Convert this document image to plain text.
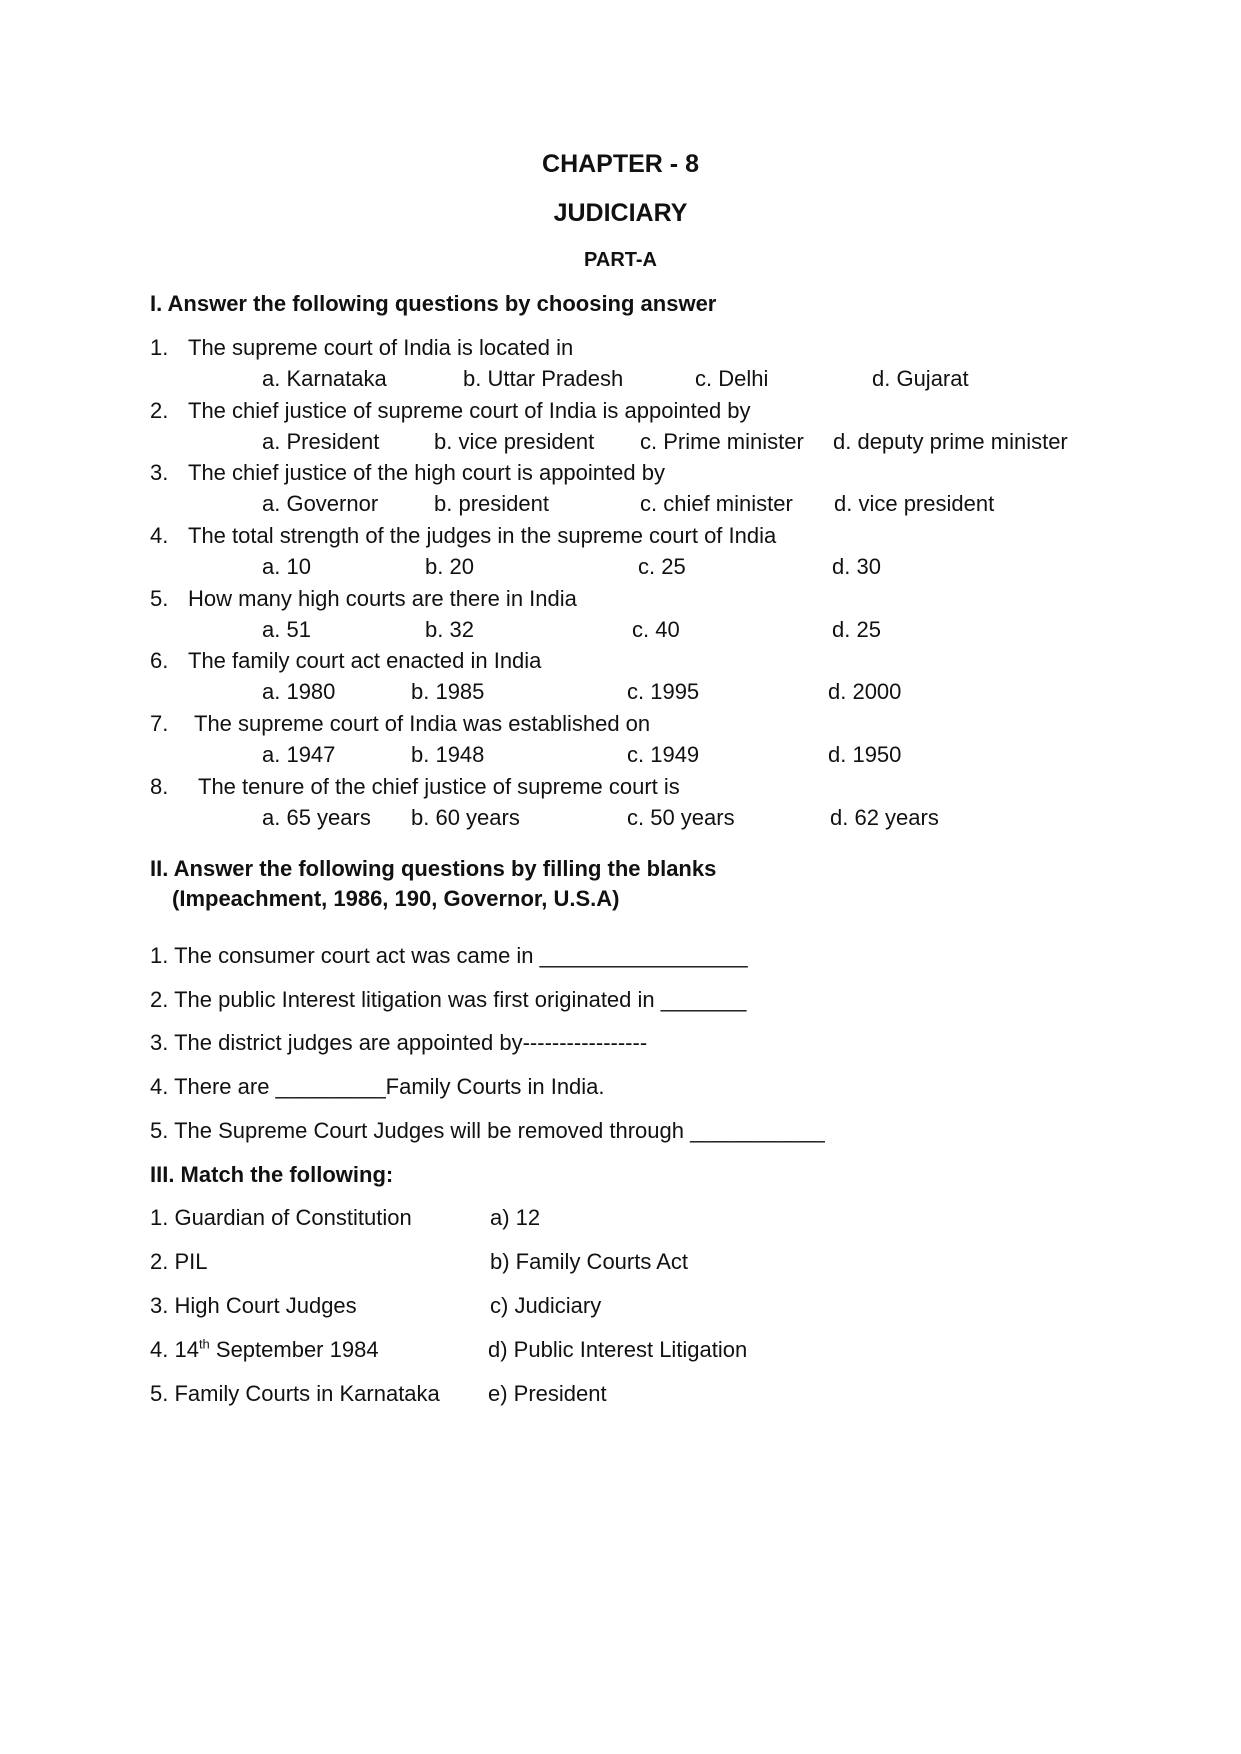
CHAPTER - 8
JUDICIARY
PART-A
I. Answer the following questions by choosing answer
1. The supreme court of India is located in
a. Karnataka	b. Uttar Pradesh	c. Delhi	d. Gujarat
2. The chief justice of supreme court of India is appointed by
a. President b. vice president c. Prime minister d. deputy prime minister
3. The chief justice of the high court is appointed by
a. Governor	b. president	c. chief minister d. vice president
4. The total strength of the judges in the supreme court of India
a. 10	b. 20	c. 25	d. 30
5. How many high courts are there in India
a. 51	b. 32	c. 40	d. 25
6. The family court act enacted in India
a. 1980	b. 1985	c. 1995	d. 2000
7. The supreme court of India was established on
a. 1947	b. 1948	c. 1949	d. 1950
8. The tenure of the chief justice of supreme court is
a. 65 years b. 60 years	c. 50 years	d. 62 years
II. Answer the following questions by filling the blanks
(Impeachment, 1986, 190, Governor, U.S.A)
1. The consumer court act was came in _________________
2. The public Interest litigation was first originated in _______
3. The district judges are appointed by-----------------
4. There are _________Family Courts in India.
5. The Supreme Court Judges will be removed through ___________
III. Match the following:
1. Guardian of Constitution	a) 12
2. PIL	b) Family Courts Act
3. High Court Judges	c) Judiciary
4. 14th September 1984	d) Public Interest Litigation
5. Family Courts in Karnataka e) President
